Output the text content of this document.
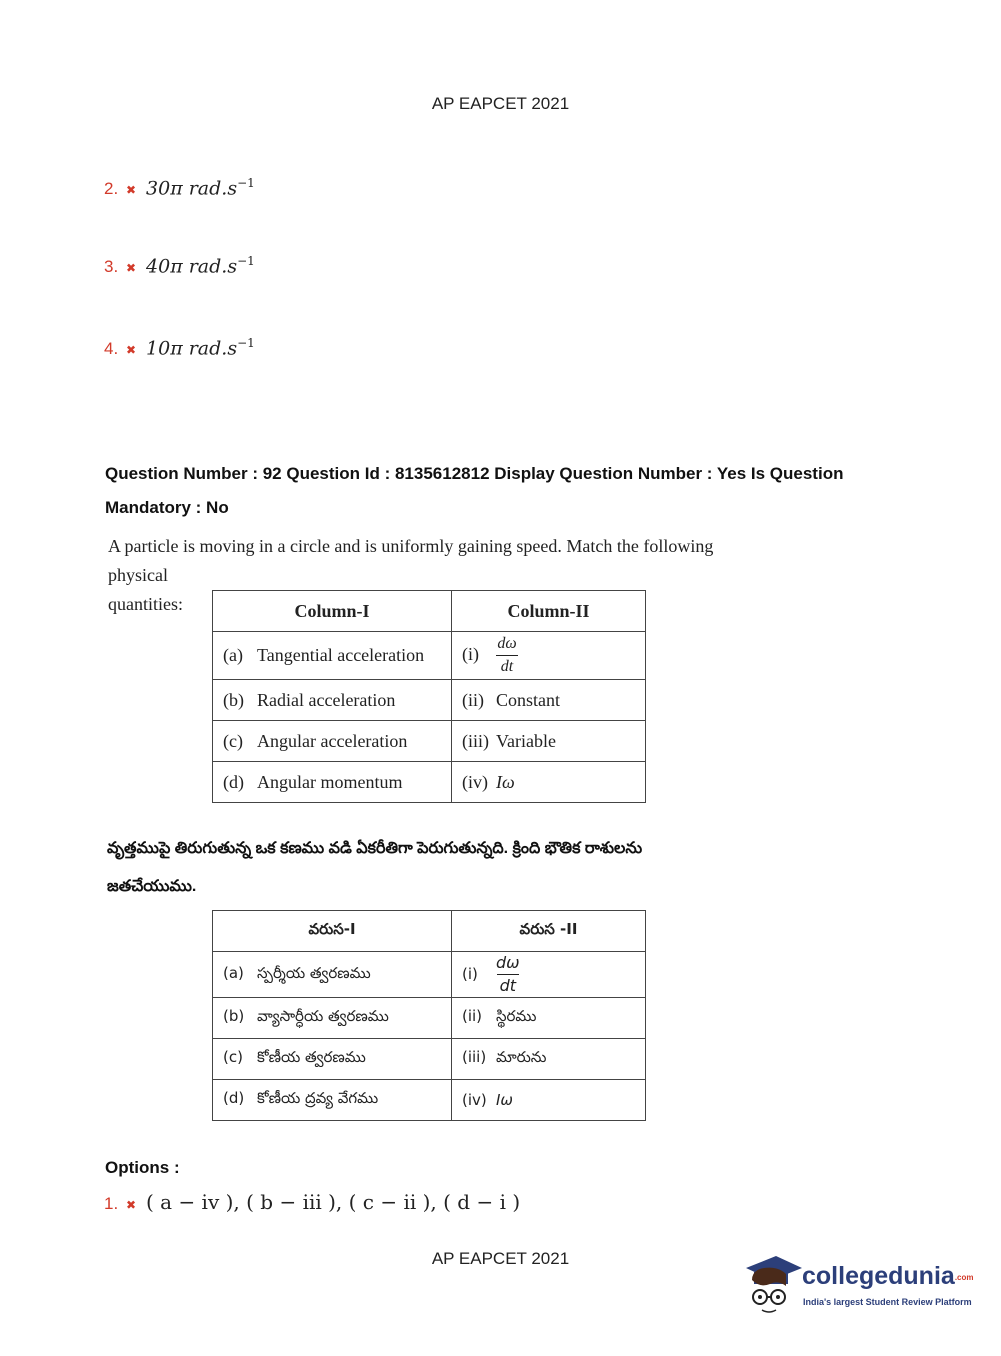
AP EAPCET 2021
2. ✖ 30π $rad.s^{-1}$
3. ✖ 40π $rad.s^{-1}$
4. ✖ 10π $rad.s^{-1}$
Question Number : 92 Question Id : 8135612812 Display Question Number : Yes Is Question
Mandatory : No
A particle is moving in a circle and is uniformly gaining speed. Match the following physical
quantities:	Column-I	Column-II
(a) Tangential acceleration	$(i) \frac{d\omega}{dt}$

(b) Radial acceleration	(ii) Constant
(c) Angular acceleration	(iii) Variable
(d) Angular momentum	(iv) Iω
వృత్తముపై తిరుగుతున్న ఒక కణము వడి ఏకరీతిగా పెరుగుతున్నది. క్రింది భౌతిక రాశులను
జతచేయుము.
వరుస-I	వరుస -II
(a) స్పర్శీయ త్వరణము	$(i) \frac{d\omega}{dt}$

(b) వ్యాసార్ధీయ త్వరణము	(ii) స్థిరము
(c) కోణీయ త్వరణము	(iii) మారును
(d) కోణీయ ద్రవ్య వేగము	(iv) Iω
Options :
1. ✖ ( a − iv ), ( b − iii ), ( c − ii ), ( d − i )
AP EAPCET 2021
collegedunia.com
India's largest Student Review Platform
